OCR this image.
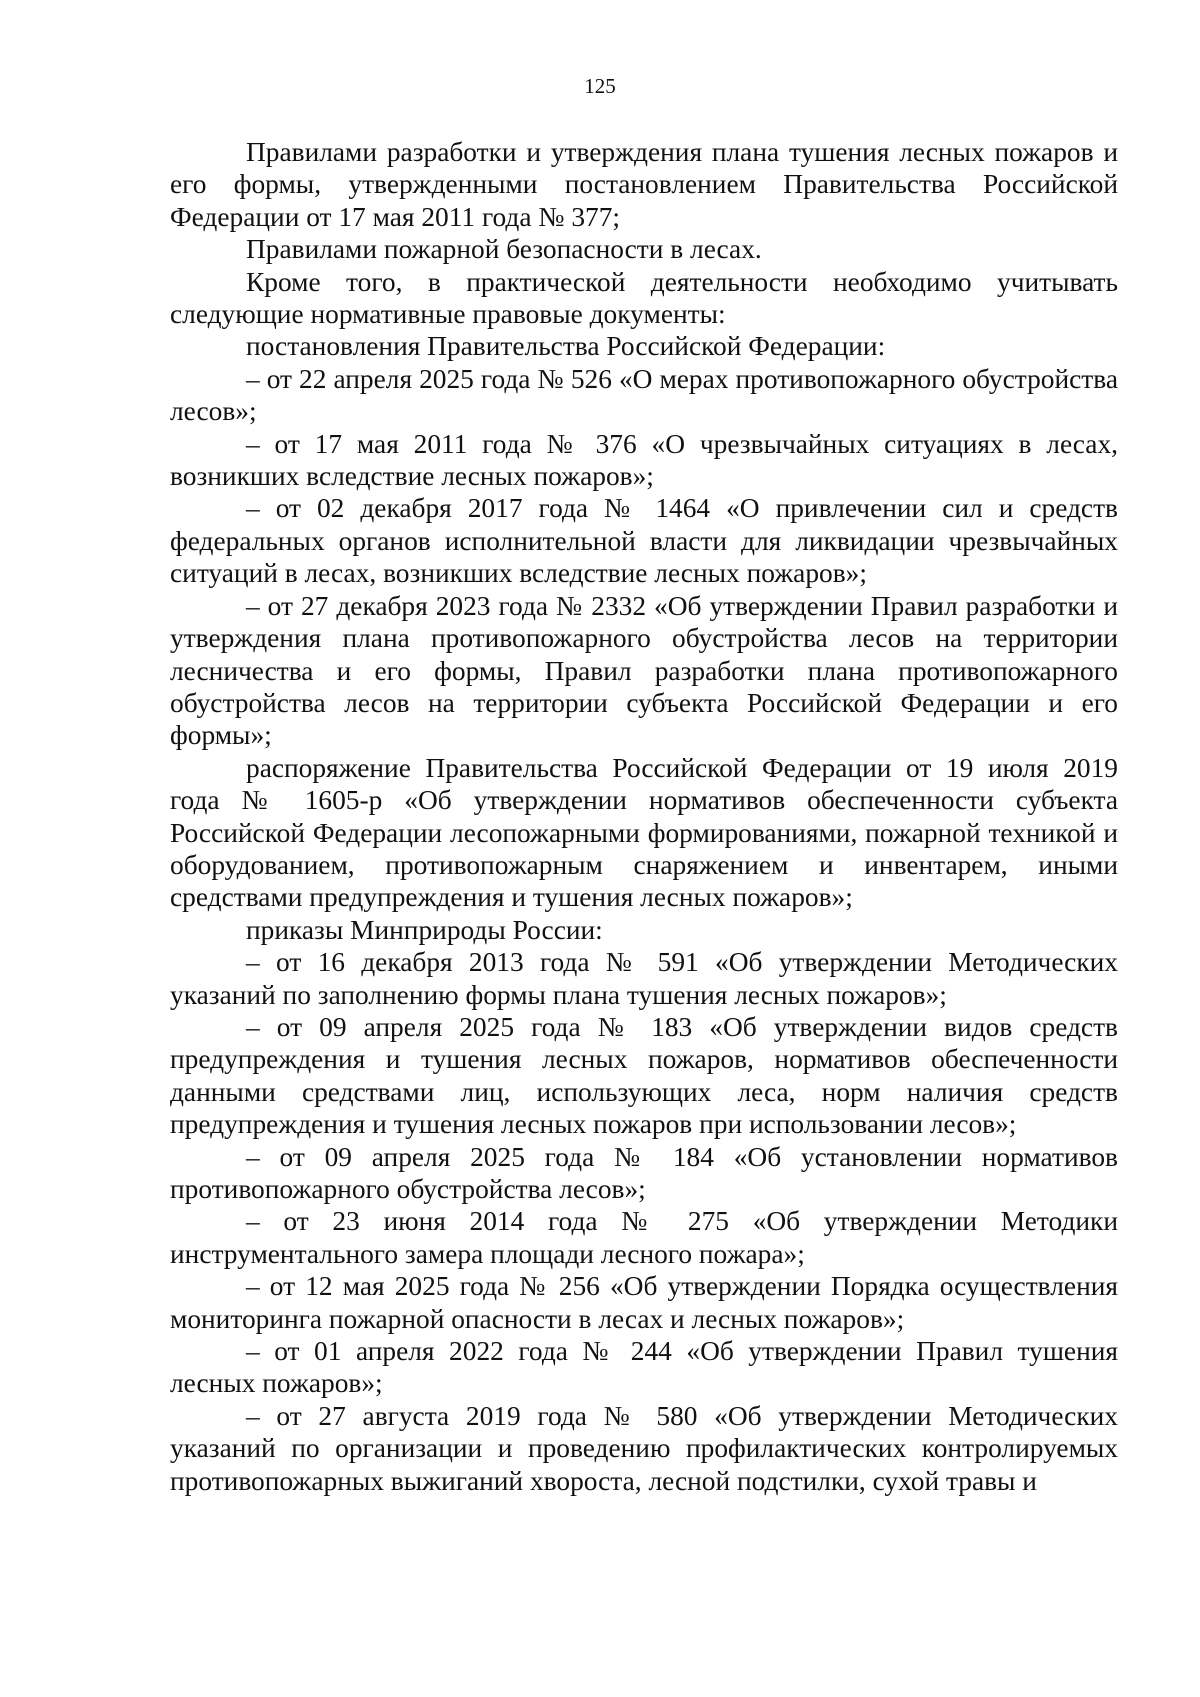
125

Правилами разработки и утверждения плана тушения лесных пожаров и его формы, утвержденными постановлением Правительства Российской Федерации от 17 мая 2011 года № 377;

Правилами пожарной безопасности в лесах.

Кроме того, в практической деятельности необходимо учитывать следующие нормативные правовые документы:

постановления Правительства Российской Федерации:

– от 22 апреля 2025 года № 526 «О мерах противопожарного обустройства лесов»;

– от 17 мая 2011 года № 376 «О чрезвычайных ситуациях в лесах, возникших вследствие лесных пожаров»;

– от 02 декабря 2017 года № 1464 «О привлечении сил и средств федеральных органов исполнительной власти для ликвидации чрезвычайных ситуаций в лесах, возникших вследствие лесных пожаров»;

– от 27 декабря 2023 года № 2332 «Об утверждении Правил разработки и утверждения плана противопожарного обустройства лесов на территории лесничества и его формы, Правил разработки плана противопожарного обустройства лесов на территории субъекта Российской Федерации и его формы»;

распоряжение Правительства Российской Федерации от 19 июля 2019 года № 1605-р «Об утверждении нормативов обеспеченности субъекта Российской Федерации лесопожарными формированиями, пожарной техникой и оборудованием, противопожарным снаряжением и инвентарем, иными средствами предупреждения и тушения лесных пожаров»;

приказы Минприроды России:

– от 16 декабря 2013 года № 591 «Об утверждении Методических указаний по заполнению формы плана тушения лесных пожаров»;

– от 09 апреля 2025 года № 183 «Об утверждении видов средств предупреждения и тушения лесных пожаров, нормативов обеспеченности данными средствами лиц, использующих леса, норм наличия средств предупреждения и тушения лесных пожаров при использовании лесов»;

– от 09 апреля 2025 года № 184 «Об установлении нормативов противопожарного обустройства лесов»;

– от 23 июня 2014 года № 275 «Об утверждении Методики инструментального замера площади лесного пожара»;

– от 12 мая 2025 года № 256 «Об утверждении Порядка осуществления мониторинга пожарной опасности в лесах и лесных пожаров»;

– от 01 апреля 2022 года № 244 «Об утверждении Правил тушения лесных пожаров»;

– от 27 августа 2019 года № 580 «Об утверждении Методических указаний по организации и проведению профилактических контролируемых противопожарных выжиганий хвороста, лесной подстилки, сухой травы и
